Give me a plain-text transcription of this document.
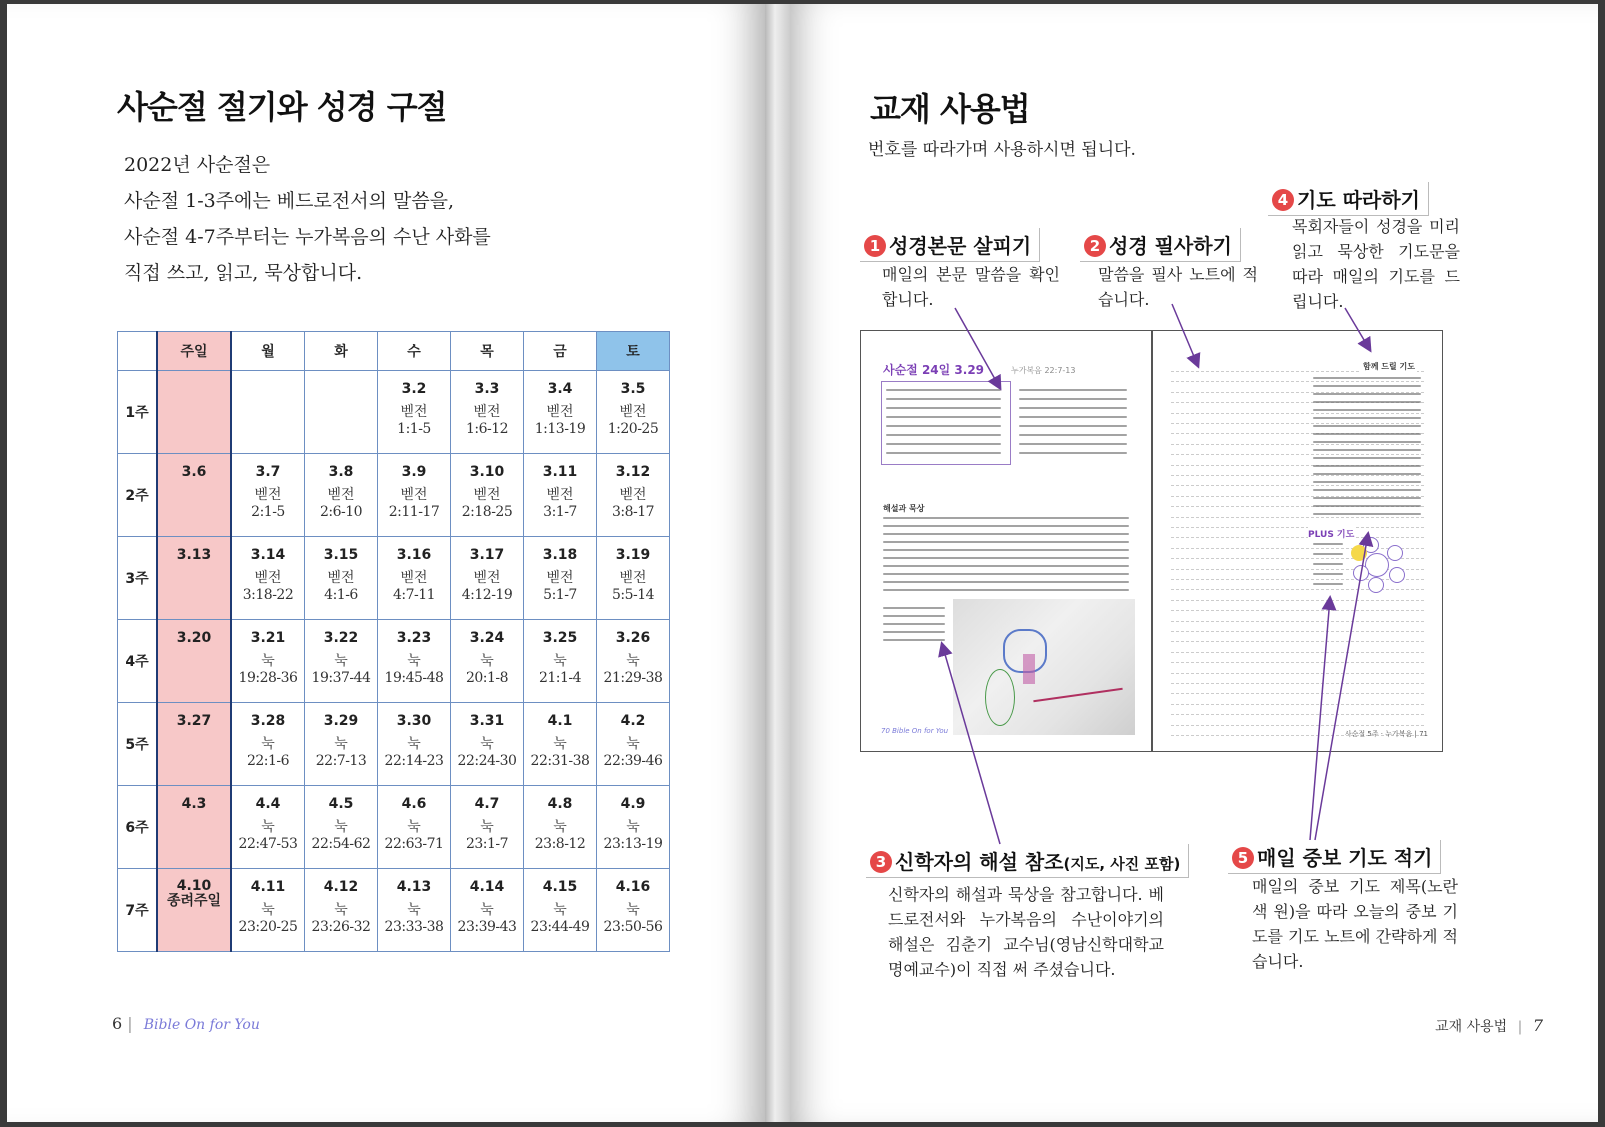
사순절 절기와 성경 구절
2022년 사순절은
사순절 1-3주에는 베드로전서의 말씀을,
사순절 4-7주부터는 누가복음의 수난 사화를
직접 쓰고, 읽고, 묵상합니다.
	주일	월	화	수	목	금	토
1주				3.2
벧전
1:1-5	3.3
벧전
1:6-12	3.4
벧전
1:13-19	3.5
벧전
1:20-25

2주	3.6	3.7
벧전
2:1-5	3.8
벧전
2:6-10	3.9
벧전
2:11-17	3.10
벧전
2:18-25	3.11
벧전
3:1-7	3.12
벧전
3:8-17

3주	3.13	3.14
벧전
3:18-22	3.15
벧전
4:1-6	3.16
벧전
4:7-11	3.17
벧전
4:12-19	3.18
벧전
5:1-7	3.19
벧전
5:5-14

4주	3.20	3.21
눅
19:28-36	3.22
눅
19:37-44	3.23
눅
19:45-48	3.24
눅
20:1-8	3.25
눅
21:1-4	3.26
눅
21:29-38

5주	3.27	3.28
눅
22:1-6	3.29
눅
22:7-13	3.30
눅
22:14-23	3.31
눅
22:24-30	4.1
눅
22:31-38	4.2
눅
22:39-46

6주	4.3	4.4
눅
22:47-53	4.5
눅
22:54-62	4.6
눅
22:63-71	4.7
눅
23:1-7	4.8
눅
23:8-12	4.9
눅
23:13-19

7주	4.10
종려주일	4.11
눅
23:20-25	4.12
눅
23:26-32	4.13
눅
23:33-38	4.14
눅
23:39-43	4.15
눅
23:44-49	4.16
눅
23:50-56
6 | Bible On for You
교재 사용법
번호를 따라가며 사용하시면 됩니다.
1 성경본문 살피기
매일의 본문 말씀을 확인합니다.
2 성경 필사하기
말씀을 필사 노트에 적습니다.
4 기도 따라하기
목회자들이 성경을 미리 읽고 묵상한 기도문을 따라 매일의 기도를 드립니다.
사순절 24일 3.29	누가복음 22:7-13
해설과 묵상
70 Bible On for You
함께 드릴 기도
PLUS 기도
사순절 5주 · 누가복음 | 71
3 신학자의 해설 참조(지도, 사진 포함)
신학자의 해설과 묵상을 참고합니다. 베드로전서와 누가복음의 수난이야기의 해설은 김춘기 교수님(영남신학대학교 명예교수)이 직접 써 주셨습니다.
5 매일 중보 기도 적기
매일의 중보 기도 제목(노란색 원)을 따라 오늘의 중보 기도를 기도 노트에 간략하게 적습니다.
교재 사용법 | 7
